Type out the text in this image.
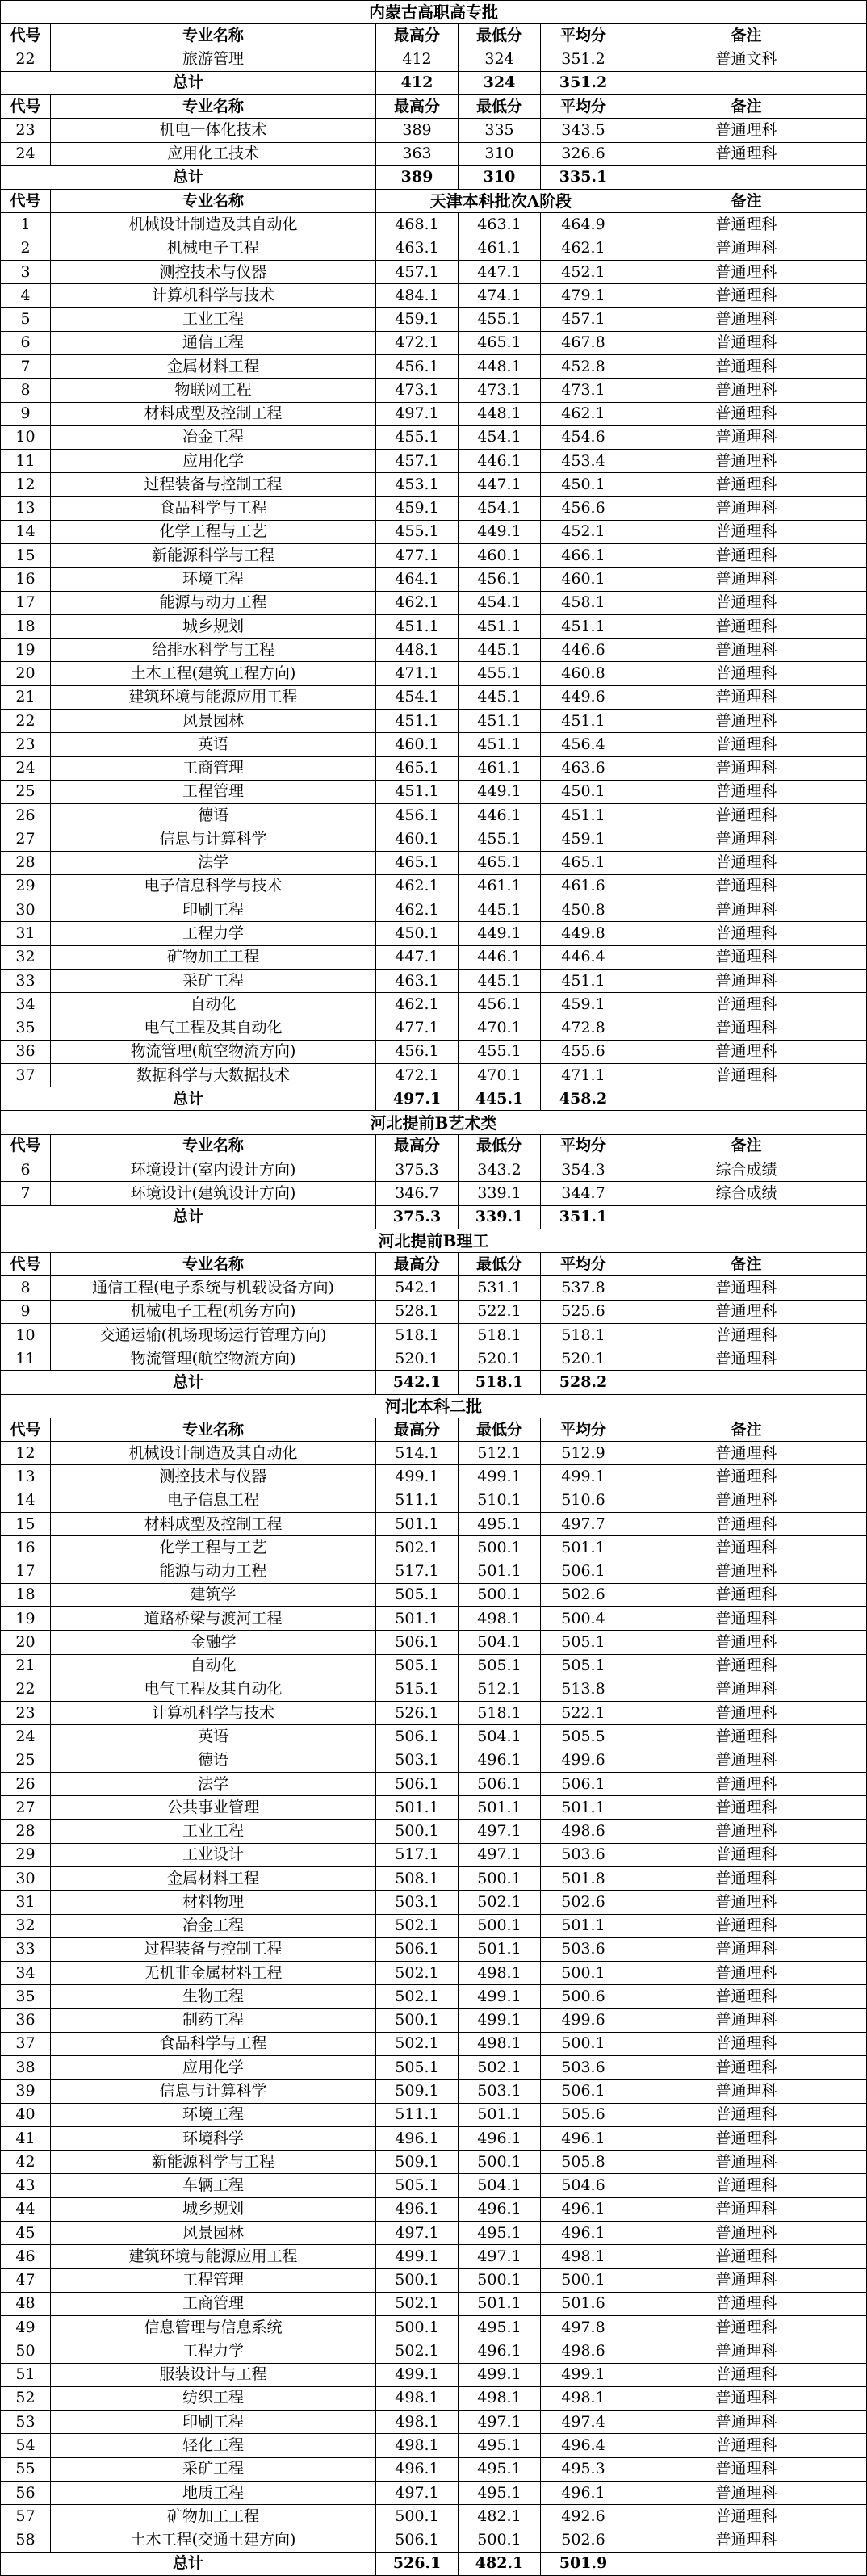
内蒙古高职高专批
代号	专业名称	最高分	最低分	平均分	备注
22	旅游管理	412	324	351.2	普通文科
总计	412	324	351.2
代号	专业名称	最高分	最低分	平均分	备注
23	机电一体化技术	389	335	343.5	普通理科
24	应用化工技术	363	310	326.6	普通理科
总计	389	310	335.1
代号	专业名称	天津本科批次A阶段	备注
1	机械设计制造及其自动化	468.1	463.1	464.9	普通理科
2	机械电子工程	463.1	461.1	462.1	普通理科
3	测控技术与仪器	457.1	447.1	452.1	普通理科
4	计算机科学与技术	484.1	474.1	479.1	普通理科
5	工业工程	459.1	455.1	457.1	普通理科
6	通信工程	472.1	465.1	467.8	普通理科
7	金属材料工程	456.1	448.1	452.8	普通理科
8	物联网工程	473.1	473.1	473.1	普通理科
9	材料成型及控制工程	497.1	448.1	462.1	普通理科
10	冶金工程	455.1	454.1	454.6	普通理科
11	应用化学	457.1	446.1	453.4	普通理科
12	过程装备与控制工程	453.1	447.1	450.1	普通理科
13	食品科学与工程	459.1	454.1	456.6	普通理科
14	化学工程与工艺	455.1	449.1	452.1	普通理科
15	新能源科学与工程	477.1	460.1	466.1	普通理科
16	环境工程	464.1	456.1	460.1	普通理科
17	能源与动力工程	462.1	454.1	458.1	普通理科
18	城乡规划	451.1	451.1	451.1	普通理科
19	给排水科学与工程	448.1	445.1	446.6	普通理科
20	土木工程(建筑工程方向)	471.1	455.1	460.8	普通理科
21	建筑环境与能源应用工程	454.1	445.1	449.6	普通理科
22	风景园林	451.1	451.1	451.1	普通理科
23	英语	460.1	451.1	456.4	普通理科
24	工商管理	465.1	461.1	463.6	普通理科
25	工程管理	451.1	449.1	450.1	普通理科
26	德语	456.1	446.1	451.1	普通理科
27	信息与计算科学	460.1	455.1	459.1	普通理科
28	法学	465.1	465.1	465.1	普通理科
29	电子信息科学与技术	462.1	461.1	461.6	普通理科
30	印刷工程	462.1	445.1	450.8	普通理科
31	工程力学	450.1	449.1	449.8	普通理科
32	矿物加工工程	447.1	446.1	446.4	普通理科
33	采矿工程	463.1	445.1	451.1	普通理科
34	自动化	462.1	456.1	459.1	普通理科
35	电气工程及其自动化	477.1	470.1	472.8	普通理科
36	物流管理(航空物流方向)	456.1	455.1	455.6	普通理科
37	数据科学与大数据技术	472.1	470.1	471.1	普通理科
总计	497.1	445.1	458.2
河北提前B艺术类
代号	专业名称	最高分	最低分	平均分	备注
6	环境设计(室内设计方向)	375.3	343.2	354.3	综合成绩
7	环境设计(建筑设计方向)	346.7	339.1	344.7	综合成绩
总计	375.3	339.1	351.1
河北提前B理工
代号	专业名称	最高分	最低分	平均分	备注
8	通信工程(电子系统与机载设备方向)	542.1	531.1	537.8	普通理科
9	机械电子工程(机务方向)	528.1	522.1	525.6	普通理科
10	交通运输(机场现场运行管理方向)	518.1	518.1	518.1	普通理科
11	物流管理(航空物流方向)	520.1	520.1	520.1	普通理科
总计	542.1	518.1	528.2
河北本科二批
代号	专业名称	最高分	最低分	平均分	备注
12	机械设计制造及其自动化	514.1	512.1	512.9	普通理科
13	测控技术与仪器	499.1	499.1	499.1	普通理科
14	电子信息工程	511.1	510.1	510.6	普通理科
15	材料成型及控制工程	501.1	495.1	497.7	普通理科
16	化学工程与工艺	502.1	500.1	501.1	普通理科
17	能源与动力工程	517.1	501.1	506.1	普通理科
18	建筑学	505.1	500.1	502.6	普通理科
19	道路桥梁与渡河工程	501.1	498.1	500.4	普通理科
20	金融学	506.1	504.1	505.1	普通理科
21	自动化	505.1	505.1	505.1	普通理科
22	电气工程及其自动化	515.1	512.1	513.8	普通理科
23	计算机科学与技术	526.1	518.1	522.1	普通理科
24	英语	506.1	504.1	505.5	普通理科
25	德语	503.1	496.1	499.6	普通理科
26	法学	506.1	506.1	506.1	普通理科
27	公共事业管理	501.1	501.1	501.1	普通理科
28	工业工程	500.1	497.1	498.6	普通理科
29	工业设计	517.1	497.1	503.6	普通理科
30	金属材料工程	508.1	500.1	501.8	普通理科
31	材料物理	503.1	502.1	502.6	普通理科
32	冶金工程	502.1	500.1	501.1	普通理科
33	过程装备与控制工程	506.1	501.1	503.6	普通理科
34	无机非金属材料工程	502.1	498.1	500.1	普通理科
35	生物工程	502.1	499.1	500.6	普通理科
36	制药工程	500.1	499.1	499.6	普通理科
37	食品科学与工程	502.1	498.1	500.1	普通理科
38	应用化学	505.1	502.1	503.6	普通理科
39	信息与计算科学	509.1	503.1	506.1	普通理科
40	环境工程	511.1	501.1	505.6	普通理科
41	环境科学	496.1	496.1	496.1	普通理科
42	新能源科学与工程	509.1	500.1	505.8	普通理科
43	车辆工程	505.1	504.1	504.6	普通理科
44	城乡规划	496.1	496.1	496.1	普通理科
45	风景园林	497.1	495.1	496.1	普通理科
46	建筑环境与能源应用工程	499.1	497.1	498.1	普通理科
47	工程管理	500.1	500.1	500.1	普通理科
48	工商管理	502.1	501.1	501.6	普通理科
49	信息管理与信息系统	500.1	495.1	497.8	普通理科
50	工程力学	502.1	496.1	498.6	普通理科
51	服装设计与工程	499.1	499.1	499.1	普通理科
52	纺织工程	498.1	498.1	498.1	普通理科
53	印刷工程	498.1	497.1	497.4	普通理科
54	轻化工程	498.1	495.1	496.4	普通理科
55	采矿工程	496.1	495.1	495.3	普通理科
56	地质工程	497.1	495.1	496.1	普通理科
57	矿物加工工程	500.1	482.1	492.6	普通理科
58	土木工程(交通土建方向)	506.1	500.1	502.6	普通理科
总计	526.1	482.1	501.9
